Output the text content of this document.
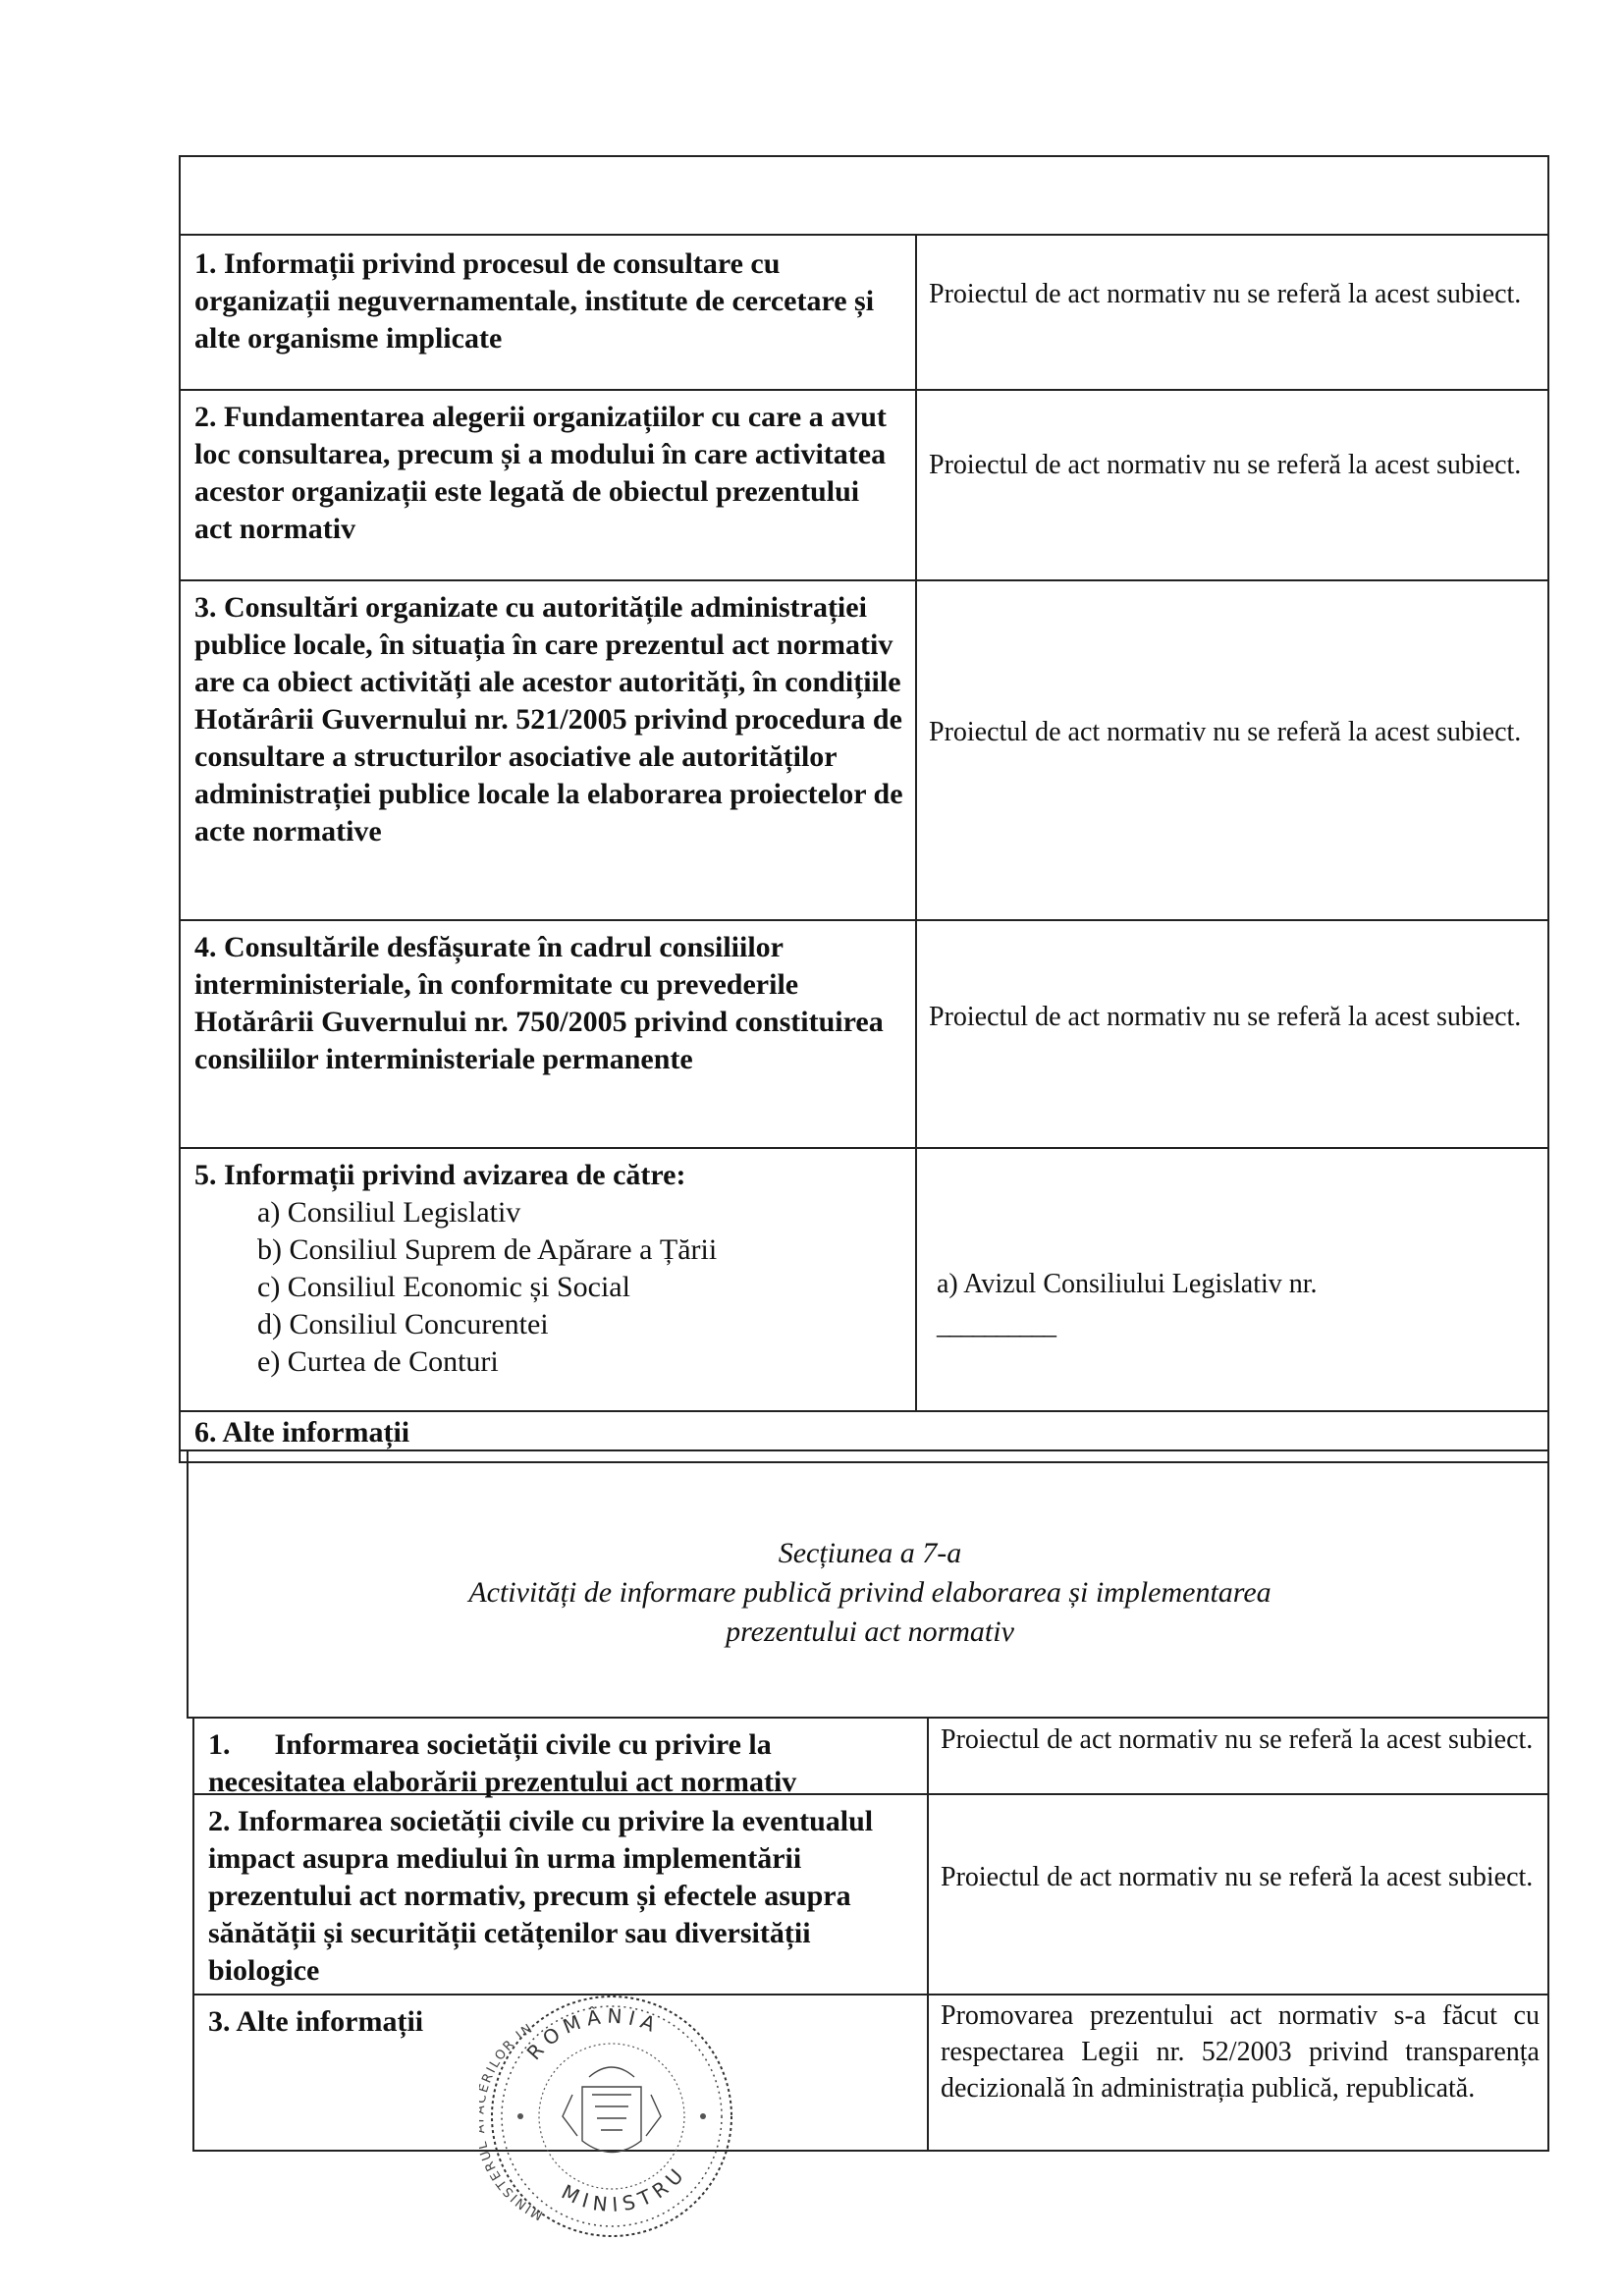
1. Informații privind procesul de consultare cu organizații neguvernamentale, institute de cercetare și alte organisme implicate
Proiectul de act normativ nu se referă la acest subiect.
2. Fundamentarea alegerii organizațiilor cu care a avut loc consultarea, precum și a modului în care activitatea acestor organizații este legată de obiectul prezentului act normativ
Proiectul de act normativ nu se referă la acest subiect.
3. Consultări organizate cu autoritățile administrației publice locale, în situația în care prezentul act normativ are ca obiect activități ale acestor autorități, în condițiile Hotărârii Guvernului nr. 521/2005 privind procedura de consultare a structurilor asociative ale autorităților administrației publice locale la elaborarea proiectelor de acte normative
Proiectul de act normativ nu se referă la acest subiect.
4. Consultările desfășurate în cadrul consiliilor interministeriale, în conformitate cu prevederile Hotărârii Guvernului nr. 750/2005 privind constituirea consiliilor interministeriale permanente
Proiectul de act normativ nu se referă la acest subiect.
5. Informații privind avizarea de către:
a) Consiliul Legislativ
b) Consiliul Suprem de Apărare a Țării
c) Consiliul Economic și Social
d) Consiliul Concurentei
e) Curtea de Conturi
a) Avizul Consiliului Legislativ nr.
__________
6. Alte informații
Secțiunea a 7-a
Activități de informare publică privind elaborarea și implementarea
prezentului act normativ
1.      Informarea societății civile cu privire la necesitatea elaborării prezentului act normativ
Proiectul de act normativ nu se referă la acest subiect.
2. Informarea societății civile cu privire la eventualul impact asupra mediului în urma implementării prezentului act normativ, precum și efectele asupra sănătății și securității cetățenilor sau diversității biologice
Proiectul de act normativ nu se referă la acest subiect.
3. Alte informații	Promovarea prezentului act normativ s-a făcut cu respectarea Legii nr. 52/2003 privind transparența decizională în administrația publică, republicată.
ROMÂNIA
MINISTER RILOR IN
MINISTRU
